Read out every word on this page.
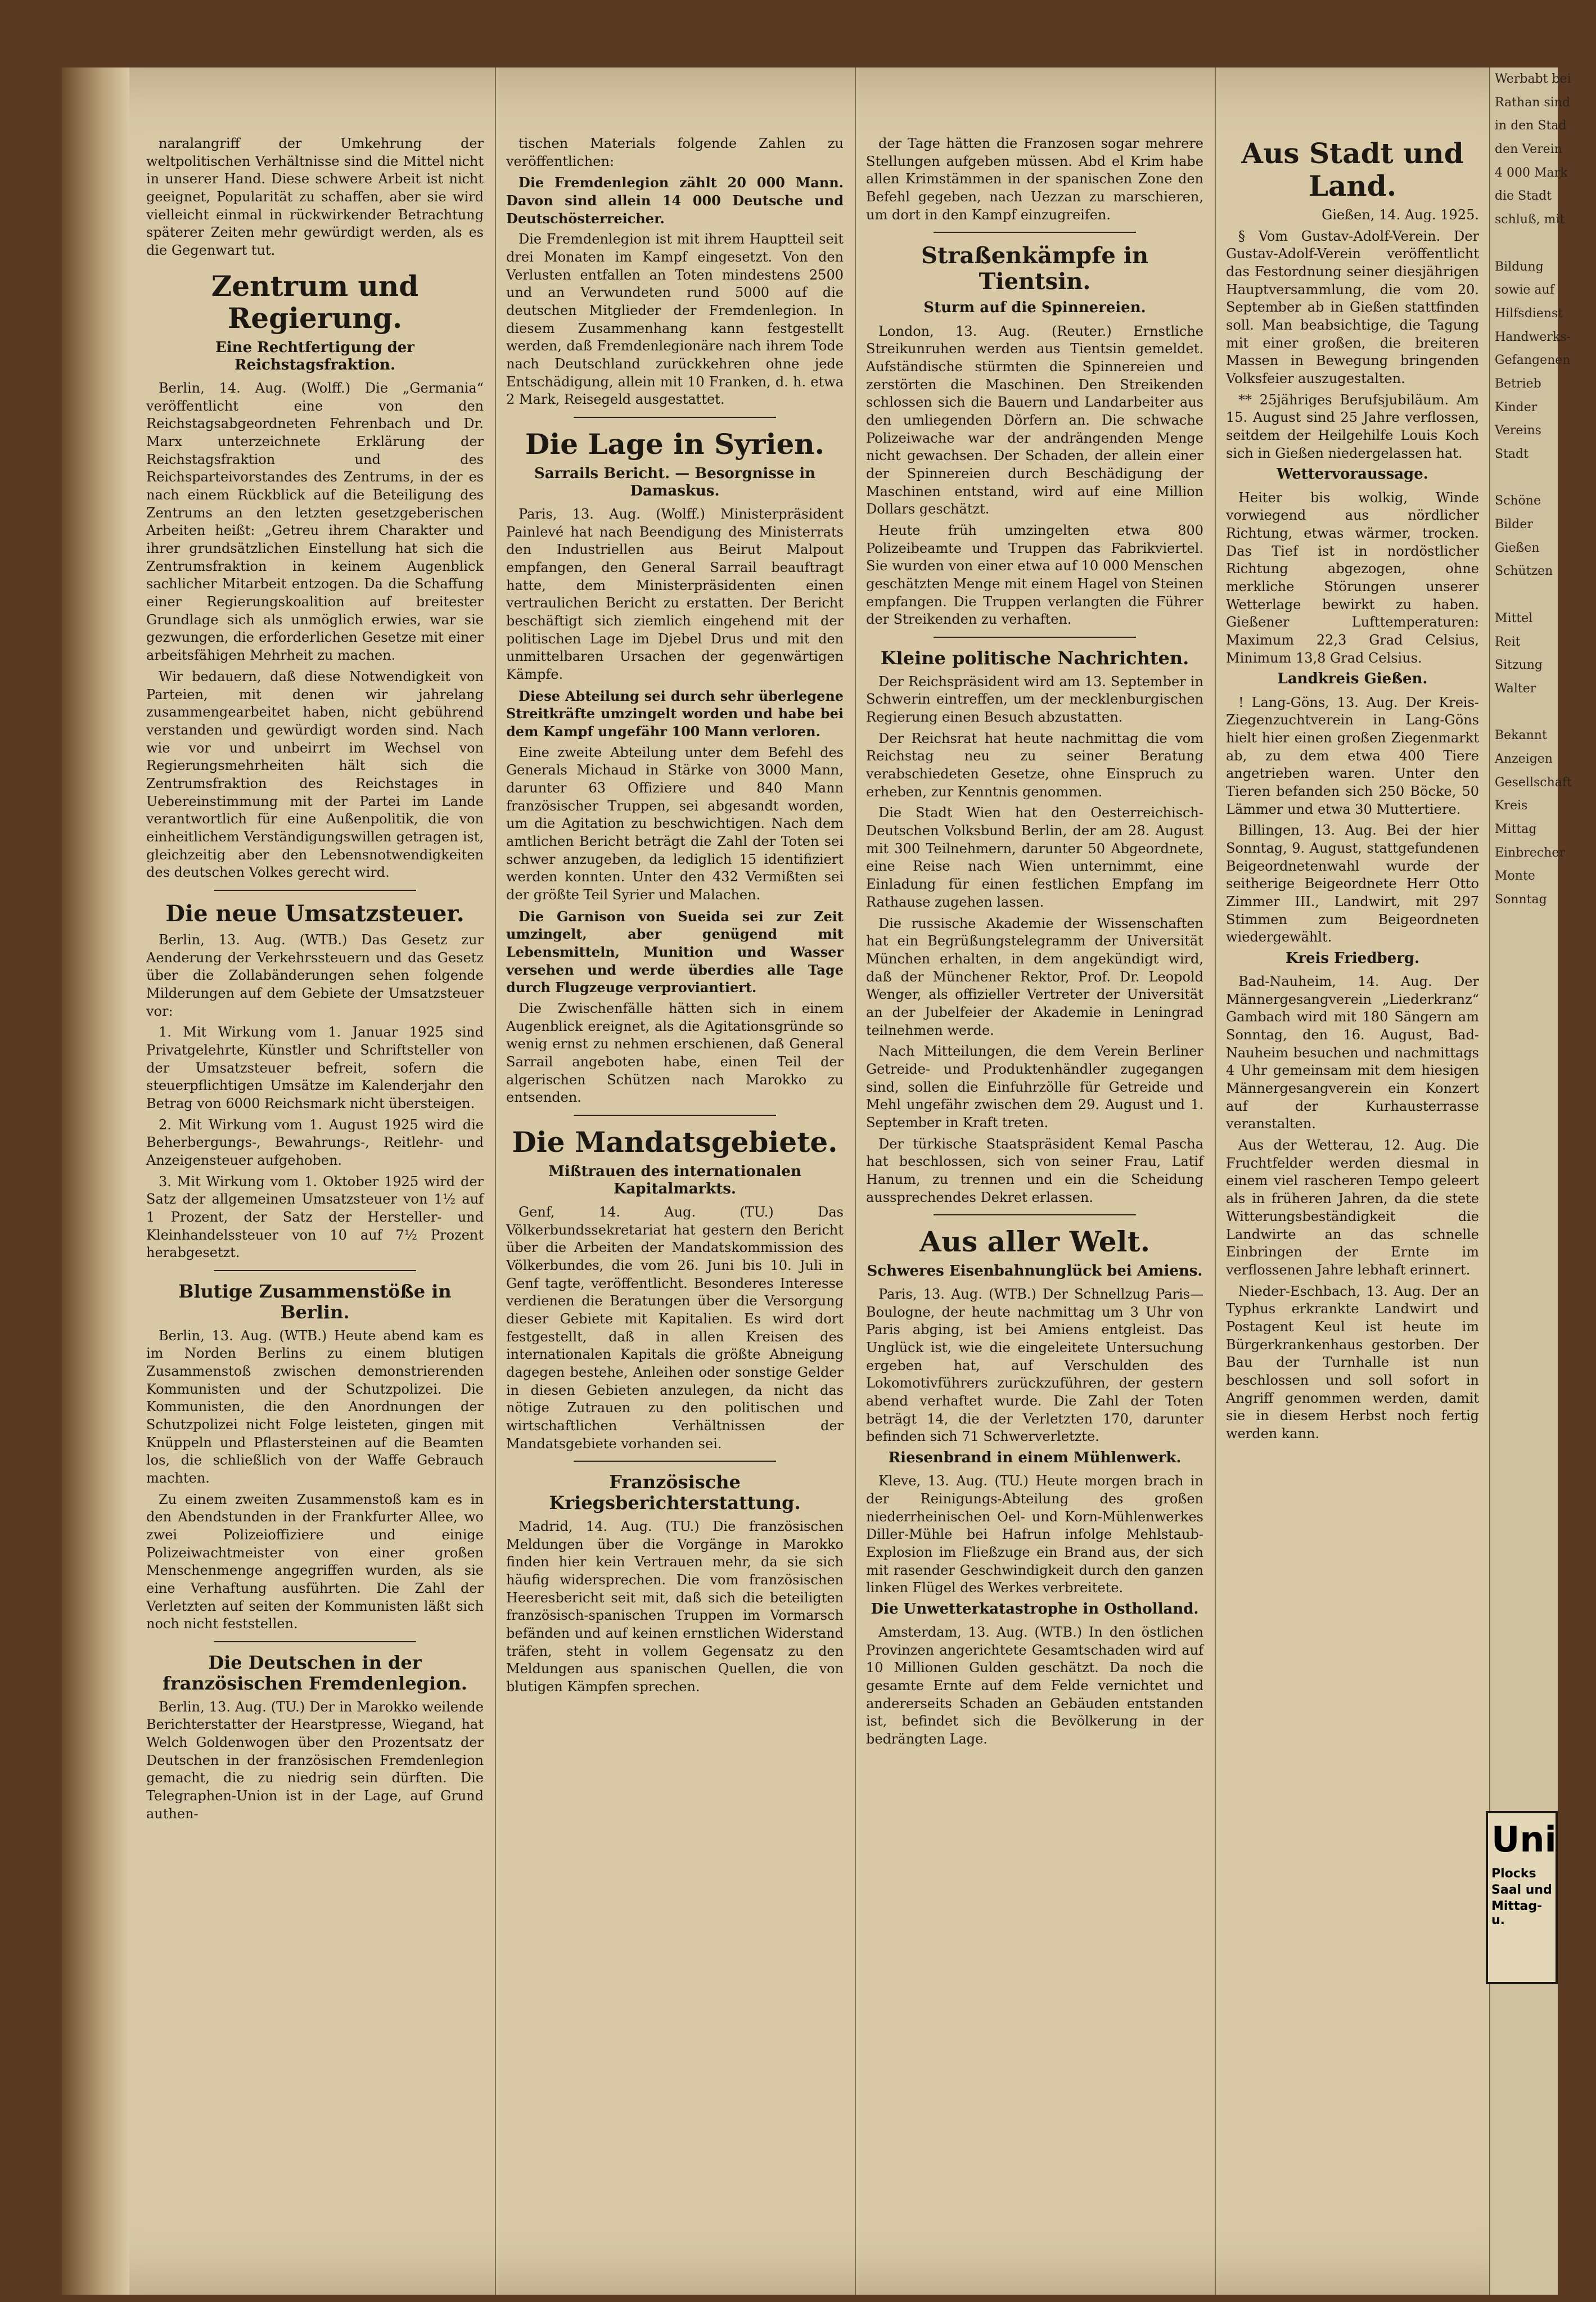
naralangriff der Umkehrung der weltpolitischen Verhältnisse sind die Mittel nicht in unserer Hand. Diese schwere Arbeit ist nicht geeignet, Popularität zu schaffen, aber sie wird vielleicht einmal in rückwirkender Betrachtung späterer Zeiten mehr gewürdigt werden, als es die Gegenwart tut.

Zentrum und Regierung.
Eine Rechtfertigung der Reichstagsfraktion.

Berlin, 14. Aug. (Wolff.) Die „Germania“ veröffentlicht eine von den Reichstagsabgeordneten Fehrenbach und Dr. Marx unterzeichnete Erklärung der Reichstagsfraktion und des Reichsparteivorstandes des Zentrums, in der es nach einem Rückblick auf die Beteiligung des Zentrums an den letzten gesetzgeberischen Arbeiten heißt: „Getreu ihrem Charakter und ihrer grundsätzlichen Einstellung hat sich die Zentrumsfraktion in keinem Augenblick sachlicher Mitarbeit entzogen. Da die Schaffung einer Regierungskoalition auf breitester Grundlage sich als unmöglich erwies, war sie gezwungen, die erforderlichen Gesetze mit einer arbeitsfähigen Mehrheit zu machen.

Wir bedauern, daß diese Notwendigkeit von Parteien, mit denen wir jahrelang zusammengearbeitet haben, nicht gebührend verstanden und gewürdigt worden sind. Nach wie vor und unbeirrt im Wechsel von Regierungsmehrheiten hält sich die Zentrumsfraktion des Reichstages in Uebereinstimmung mit der Partei im Lande verantwortlich für eine Außenpolitik, die von einheitlichem Verständigungswillen getragen ist, gleichzeitig aber den Lebensnotwendigkeiten des deutschen Volkes gerecht wird.

Die neue Umsatzsteuer.

Berlin, 13. Aug. (WTB.) Das Gesetz zur Aenderung der Verkehrssteuern und das Gesetz über die Zollabänderungen sehen folgende Milderungen auf dem Gebiete der Umsatzsteuer vor:

1. Mit Wirkung vom 1. Januar 1925 sind Privatgelehrte, Künstler und Schriftsteller von der Umsatzsteuer befreit, sofern die steuerpflichtigen Umsätze im Kalenderjahr den Betrag von 6000 Reichsmark nicht übersteigen.

2. Mit Wirkung vom 1. August 1925 wird die Beherbergungs-, Bewahrungs-, Reitlehr- und Anzeigensteuer aufgehoben.

3. Mit Wirkung vom 1. Oktober 1925 wird der Satz der allgemeinen Umsatzsteuer von 1½ auf 1 Prozent, der Satz der Hersteller- und Kleinhandelssteuer von 10 auf 7½ Prozent herabgesetzt.

Blutige Zusammenstöße in Berlin.

Berlin, 13. Aug. (WTB.) Heute abend kam es im Norden Berlins zu einem blutigen Zusammenstoß zwischen demonstrierenden Kommunisten und der Schutzpolizei. Die Kommunisten, die den Anordnungen der Schutzpolizei nicht Folge leisteten, gingen mit Knüppeln und Pflastersteinen auf die Beamten los, die schließlich von der Waffe Gebrauch machten.

Zu einem zweiten Zusammenstoß kam es in den Abendstunden in der Frankfurter Allee, wo zwei Polizeioffiziere und einige Polizeiwachtmeister von einer großen Menschenmenge angegriffen wurden, als sie eine Verhaftung ausführten. Die Zahl der Verletzten auf seiten der Kommunisten läßt sich noch nicht feststellen.

Die Deutschen in der französischen Fremdenlegion.

Berlin, 13. Aug. (TU.) Der in Marokko weilende Berichterstatter der Hearstpresse, Wiegand, hat Welch Goldenwogen über den Prozentsatz der Deutschen in der französischen Fremdenlegion gemacht, die zu niedrig sein dürften. Die Telegraphen-Union ist in der Lage, auf Grund authen-

tischen Materials folgende Zahlen zu veröffentlichen:

Die Fremdenlegion zählt 20 000 Mann. Davon sind allein 14 000 Deutsche und Deutschösterreicher.

Die Fremdenlegion ist mit ihrem Hauptteil seit drei Monaten im Kampf eingesetzt. Von den Verlusten entfallen an Toten mindestens 2500 und an Verwundeten rund 5000 auf die deutschen Mitglieder der Fremdenlegion. In diesem Zusammenhang kann festgestellt werden, daß Fremdenlegionäre nach ihrem Tode nach Deutschland zurückkehren ohne jede Entschädigung, allein mit 10 Franken, d. h. etwa 2 Mark, Reisegeld ausgestattet.

Die Lage in Syrien.
Sarrails Bericht. — Besorgnisse in Damaskus.

Paris, 13. Aug. (Wolff.) Ministerpräsident Painlevé hat nach Beendigung des Ministerrats den Industriellen aus Beirut Malpout empfangen, den General Sarrail beauftragt hatte, dem Ministerpräsidenten einen vertraulichen Bericht zu erstatten. Der Bericht beschäftigt sich ziemlich eingehend mit der politischen Lage im Djebel Drus und mit den unmittelbaren Ursachen der gegenwärtigen Kämpfe.

Diese Abteilung sei durch sehr überlegene Streitkräfte umzingelt worden und habe bei dem Kampf ungefähr 100 Mann verloren.

Eine zweite Abteilung unter dem Befehl des Generals Michaud in Stärke von 3000 Mann, darunter 63 Offiziere und 840 Mann französischer Truppen, sei abgesandt worden, um die Agitation zu beschwichtigen. Nach dem amtlichen Bericht beträgt die Zahl der Toten sei schwer anzugeben, da lediglich 15 identifiziert werden konnten. Unter den 432 Vermißten sei der größte Teil Syrier und Malachen.

Die Garnison von Sueida sei zur Zeit umzingelt, aber genügend mit Lebensmitteln, Munition und Wasser versehen und werde überdies alle Tage durch Flugzeuge verproviantiert.

Die Zwischenfälle hätten sich in einem Augenblick ereignet, als die Agitationsgründe so wenig ernst zu nehmen erschienen, daß General Sarrail angeboten habe, einen Teil der algerischen Schützen nach Marokko zu entsenden.

Die Mandatsgebiete.
Mißtrauen des internationalen Kapitalmarkts.

Genf, 14. Aug. (TU.) Das Völkerbundssekretariat hat gestern den Bericht über die Arbeiten der Mandatskommission des Völkerbundes, die vom 26. Juni bis 10. Juli in Genf tagte, veröffentlicht. Besonderes Interesse verdienen die Beratungen über die Versorgung dieser Gebiete mit Kapitalien. Es wird dort festgestellt, daß in allen Kreisen des internationalen Kapitals die größte Abneigung dagegen bestehe, Anleihen oder sonstige Gelder in diesen Gebieten anzulegen, da nicht das nötige Zutrauen zu den politischen und wirtschaftlichen Verhältnissen der Mandatsgebiete vorhanden sei.

Französische Kriegsberichterstattung.

Madrid, 14. Aug. (TU.) Die französischen Meldungen über die Vorgänge in Marokko finden hier kein Vertrauen mehr, da sie sich häufig widersprechen. Die vom französischen Heeresbericht seit mit, daß sich die beteiligten französisch-spanischen Truppen im Vormarsch befänden und auf keinen ernstlichen Widerstand träfen, steht in vollem Gegensatz zu den Meldungen aus spanischen Quellen, die von blutigen Kämpfen sprechen.

der Tage hätten die Franzosen sogar mehrere Stellungen aufgeben müssen. Abd el Krim habe allen Krimstämmen in der spanischen Zone den Befehl gegeben, nach Uezzan zu marschieren, um dort in den Kampf einzugreifen.

Straßenkämpfe in Tientsin.
Sturm auf die Spinnereien.

London, 13. Aug. (Reuter.) Ernstliche Streikunruhen werden aus Tientsin gemeldet. Aufständische stürmten die Spinnereien und zerstörten die Maschinen. Den Streikenden schlossen sich die Bauern und Landarbeiter aus den umliegenden Dörfern an. Die schwache Polizeiwache war der andrängenden Menge nicht gewachsen. Der Schaden, der allein einer der Spinnereien durch Beschädigung der Maschinen entstand, wird auf eine Million Dollars geschätzt.

Heute früh umzingelten etwa 800 Polizeibeamte und Truppen das Fabrikviertel. Sie wurden von einer etwa auf 10 000 Menschen geschätzten Menge mit einem Hagel von Steinen empfangen. Die Truppen verlangten die Führer der Streikenden zu verhaften.

Kleine politische Nachrichten.

Der Reichspräsident wird am 13. September in Schwerin eintreffen, um der mecklenburgischen Regierung einen Besuch abzustatten.

Der Reichsrat hat heute nachmittag die vom Reichstag neu zu seiner Beratung verabschiedeten Gesetze, ohne Einspruch zu erheben, zur Kenntnis genommen.

Die Stadt Wien hat den Oesterreichisch-Deutschen Volksbund Berlin, der am 28. August mit 300 Teilnehmern, darunter 50 Abgeordnete, eine Reise nach Wien unternimmt, eine Einladung für einen festlichen Empfang im Rathause zugehen lassen.

Die russische Akademie der Wissenschaften hat ein Begrüßungstelegramm der Universität München erhalten, in dem angekündigt wird, daß der Münchener Rektor, Prof. Dr. Leopold Wenger, als offizieller Vertreter der Universität an der Jubelfeier der Akademie in Leningrad teilnehmen werde.

Nach Mitteilungen, die dem Verein Berliner Getreide- und Produktenhändler zugegangen sind, sollen die Einfuhrzölle für Getreide und Mehl ungefähr zwischen dem 29. August und 1. September in Kraft treten.

Der türkische Staatspräsident Kemal Pascha hat beschlossen, sich von seiner Frau, Latif Hanum, zu trennen und ein die Scheidung aussprechendes Dekret erlassen.

Aus aller Welt.
Schweres Eisenbahnunglück bei Amiens.

Paris, 13. Aug. (WTB.) Der Schnellzug Paris—Boulogne, der heute nachmittag um 3 Uhr von Paris abging, ist bei Amiens entgleist. Das Unglück ist, wie die eingeleitete Untersuchung ergeben hat, auf Verschulden des Lokomotivführers zurückzuführen, der gestern abend verhaftet wurde. Die Zahl der Toten beträgt 14, die der Verletzten 170, darunter befinden sich 71 Schwerverletzte.

Riesenbrand in einem Mühlenwerk.

Kleve, 13. Aug. (TU.) Heute morgen brach in der Reinigungs-Abteilung des großen niederrheinischen Oel- und Korn-Mühlenwerkes Diller-Mühle bei Hafrun infolge Mehlstaub-Explosion im Fließzuge ein Brand aus, der sich mit rasender Geschwindigkeit durch den ganzen linken Flügel des Werkes verbreitete.

Die Unwetterkatastrophe in Ostholland.

Amsterdam, 13. Aug. (WTB.) In den östlichen Provinzen angerichtete Gesamtschaden wird auf 10 Millionen Gulden geschätzt. Da noch die gesamte Ernte auf dem Felde vernichtet und andererseits Schaden an Gebäuden entstanden ist, befindet sich die Bevölkerung in der bedrängten Lage.

Aus Stadt und Land.

Gießen, 14. Aug. 1925.

§ Vom Gustav-Adolf-Verein. Der Gustav-Adolf-Verein veröffentlicht das Festordnung seiner diesjährigen Hauptversammlung, die vom 20. September ab in Gießen stattfinden soll. Man beabsichtige, die Tagung mit einer großen, die breiteren Massen in Bewegung bringenden Volksfeier auszugestalten.

** 25jähriges Berufsjubiläum. Am 15. August sind 25 Jahre verflossen, seitdem der Heilgehilfe Louis Koch sich in Gießen niedergelassen hat.

Wettervoraussage.

Heiter bis wolkig, Winde vorwiegend aus nördlicher Richtung, etwas wärmer, trocken. Das Tief ist in nordöstlicher Richtung abgezogen, ohne merkliche Störungen unserer Wetterlage bewirkt zu haben. Gießener Lufttemperaturen: Maximum 22,3 Grad Celsius, Minimum 13,8 Grad Celsius.

Landkreis Gießen.

! Lang-Göns, 13. Aug. Der Kreis-Ziegenzuchtverein in Lang-Göns hielt hier einen großen Ziegenmarkt ab, zu dem etwa 400 Tiere angetrieben waren. Unter den Tieren befanden sich 250 Böcke, 50 Lämmer und etwa 30 Muttertiere.

Billingen, 13. Aug. Bei der hier Sonntag, 9. August, stattgefundenen Beigeordnetenwahl wurde der seitherige Beigeordnete Herr Otto Zimmer III., Landwirt, mit 297 Stimmen zum Beigeordneten wiedergewählt.

Kreis Friedberg.

Bad-Nauheim, 14. Aug. Der Männergesangverein „Liederkranz“ Gambach wird mit 180 Sängern am Sonntag, den 16. August, Bad-Nauheim besuchen und nachmittags 4 Uhr gemeinsam mit dem hiesigen Männergesangverein ein Konzert auf der Kurhausterrasse veranstalten.

Aus der Wetterau, 12. Aug. Die Fruchtfelder werden diesmal in einem viel rascheren Tempo geleert als in früheren Jahren, da die stete Witterungsbeständigkeit die Landwirte an das schnelle Einbringen der Ernte im verflossenen Jahre lebhaft erinnert.

Nieder-Eschbach, 13. Aug. Der an Typhus erkrankte Landwirt und Postagent Keul ist heute im Bürgerkrankenhaus gestorben. Der Bau der Turnhalle ist nun beschlossen und soll sofort in Angriff genommen werden, damit sie in diesem Herbst noch fertig werden kann.

Werbabt bei
Rathan sind
in den Stad
den Verein
4 000 Mark
die Stadt
schluß, mit

Bildung
sowie auf
Hilfsdienst
Handwerks-
Gefangenen
Betrieb
Kinder
Vereins
Stadt

Schöne
Bilder
Gießen
Schützen

Mittel
Reit
Sitzung
Walter

Bekannt
Anzeigen
Gesellschaft
Kreis
Mittag
Einbrecher
Monte
Sonntag
Uni
Plocks
Saal und
Mittag-u.
